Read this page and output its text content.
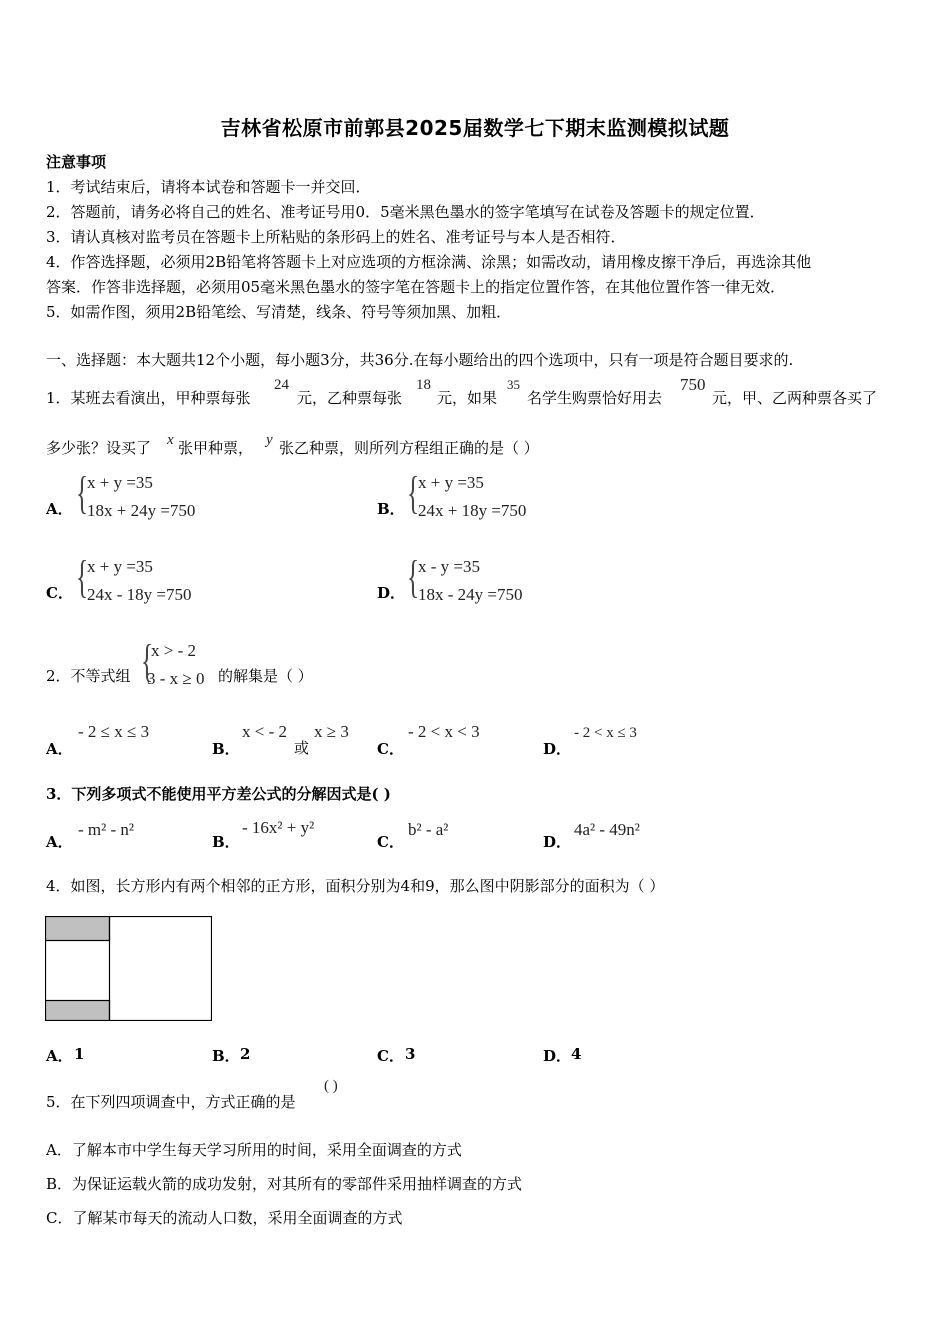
吉林省松原市前郭县2025届数学七下期末监测模拟试题
注意事项
1．考试结束后，请将本试卷和答题卡一并交回．
2．答题前，请务必将自己的姓名、准考证号用0．5毫米黑色墨水的签字笔填写在试卷及答题卡的规定位置．
3．请认真核对监考员在答题卡上所粘贴的条形码上的姓名、准考证号与本人是否相符．
4．作答选择题，必须用2B铅笔将答题卡上对应选项的方框涂满、涂黑；如需改动，请用橡皮擦干净后，再选涂其他
答案．作答非选择题，必须用05毫米黑色墨水的签字笔在答题卡上的指定位置作答，在其他位置作答一律无效．
5．如需作图，须用2B铅笔绘、写清楚，线条、符号等须加黑、加粗．
一、选择题：本大题共12个小题，每小题3分，共36分.在每小题给出的四个选项中，只有一项是符合题目要求的.
1．某班去看演出，甲种票每张
24
元，乙种票每张
18
元，如果
35
名学生购票恰好用去
750
元，甲、乙两种票各买了
多少张？设买了 x 张甲种票， y 张乙种票，则所列方程组正确的是（ ）
A． {
x + y =35
18x + 24y =750	B． {
x + y =35
24x + 18y =750
C． {
x + y =35
24x - 18y =750	D． {
x - y =35
18x - 24y =750
2．不等式组 {
x > - 2
3 - x ≥ 0 的解集是（ ）
A．
- 2 ≤ x ≤ 3
B．
x < - 2
或
x ≥ 3
C．
- 2 < x < 3
D．
- 2 < x ≤ 3
3．下列多项式不能使用平方差公式的分解因式是( )
A．
- m² - n²
B．
- 16x² + y²
C．
b² - a²
D．
4a² - 49n²
4．如图，长方形内有两个相邻的正方形，面积分别为4和9，那么图中阴影部分的面积为（ ）
A． 1	B． 2	C． 3	D． 4
5．在下列四项调查中，方式正确的是
( )
A．了解本市中学生每天学习所用的时间，采用全面调查的方式
B．为保证运载火箭的成功发射，对其所有的零部件采用抽样调查的方式
C．了解某市每天的流动人口数，采用全面调查的方式
